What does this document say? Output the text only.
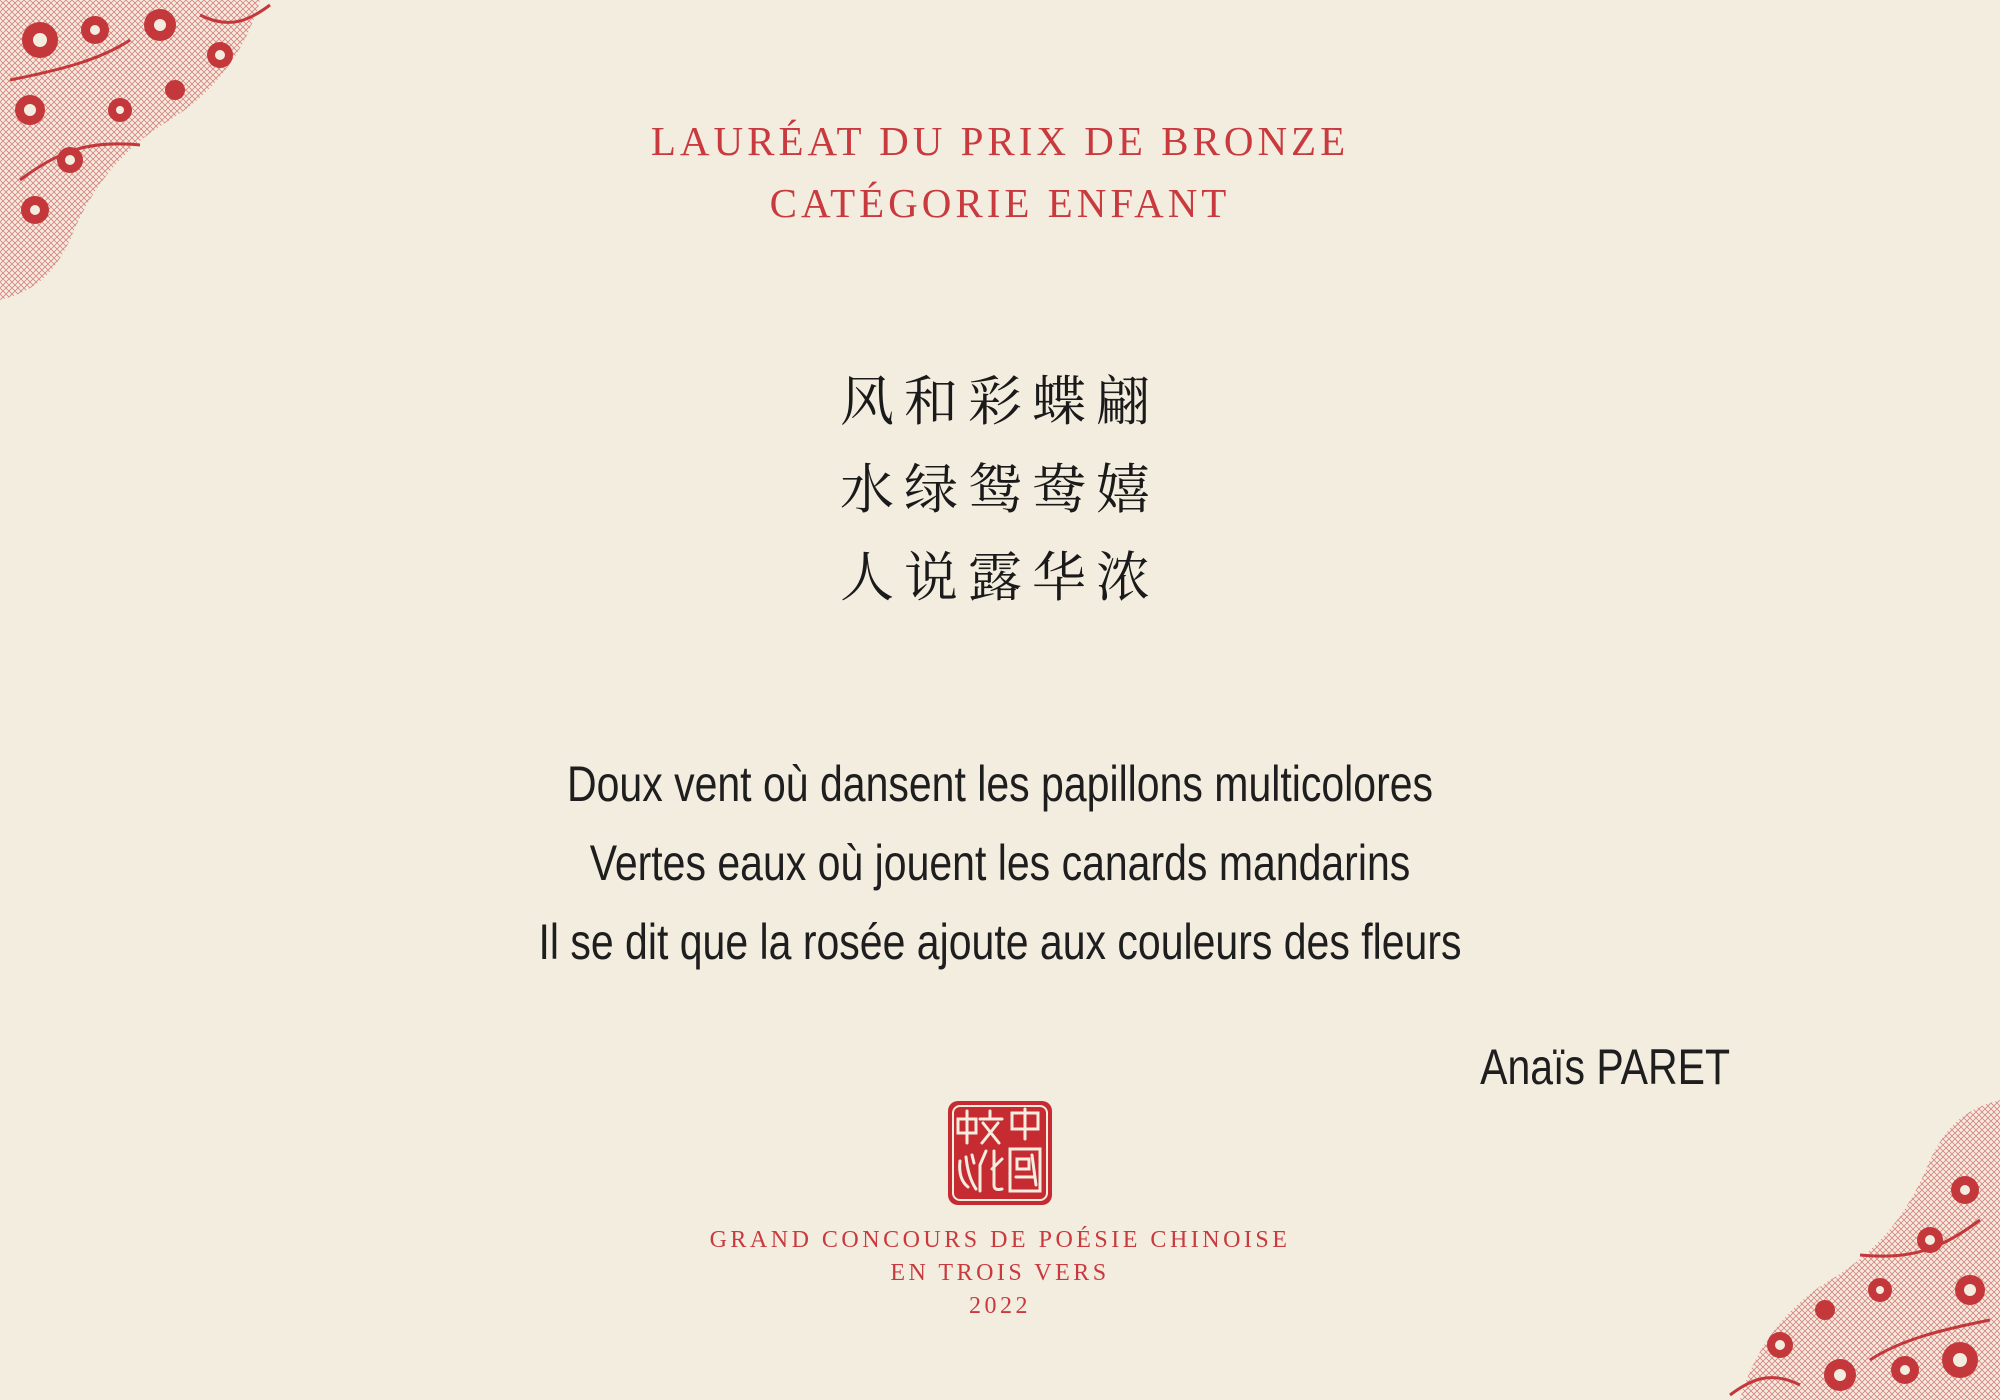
LAURÉAT DU PRIX DE BRONZE
CATÉGORIE ENFANT
风和彩蝶翩
水绿鸳鸯嬉
人说露华浓
Doux vent où dansent les papillons multicolores
Vertes eaux où jouent les canards mandarins
Il se dit que la rosée ajoute aux couleurs des fleurs
Anaïs PARET
GRAND CONCOURS DE POÉSIE CHINOISE
EN TROIS VERS
2022
